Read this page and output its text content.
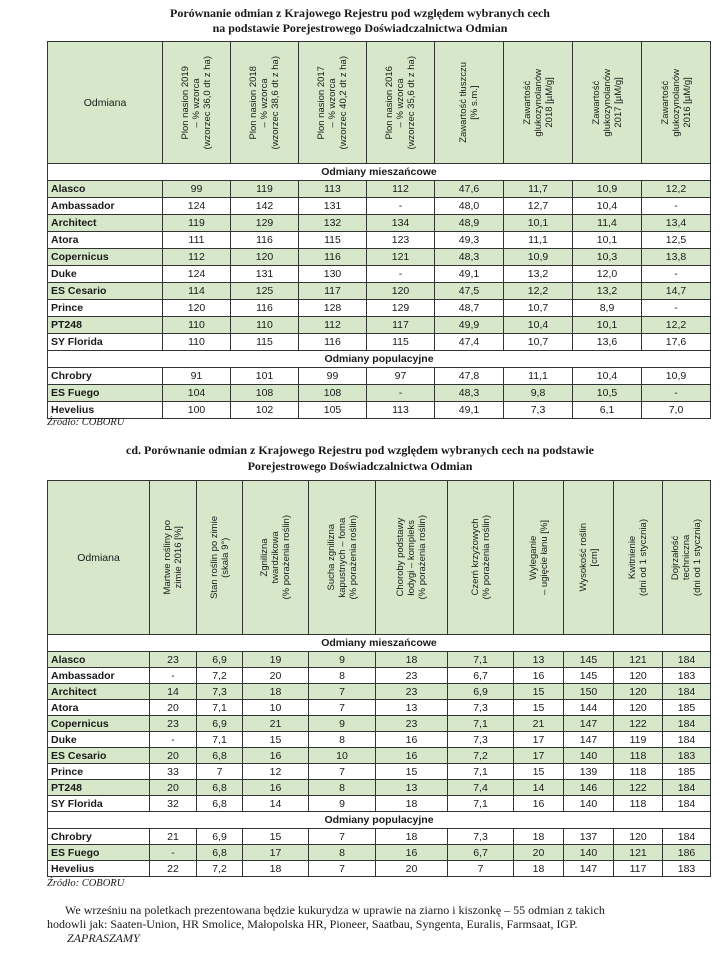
Porównanie odmian z Krajowego Rejestru pod względem wybranych cech
na podstawie Porejestrowego Doświadczalnictwa Odmian
Odmiana	Plon nasion 2019
– % wzorca
(wzorzec 36,0 dt z ha)	Plon nasion 2018
– % wzorca
(wzorzec 38,6 dt z ha)	Plon nasion 2017
– % wzorca
(wzorzec 40,2 dt z ha)	Plon nasion 2016
– % wzorca
(wzorzec 35,6 dt z ha)	Zawartość tłuszczu
[% s.m.]	Zawartość
glukozynolanów
2018 [µM/g]	Zawartość
glukozynolanów
2017 [µM/g]	Zawartość
glukozynolanów
2016 [µM/g]

Odmiany mieszańcowe								
Alasco	99	119	113	112	47,6	11,7	10,9	12,2
Ambassador	124	142	131	-	48,0	12,7	10,4	-
Architect	119	129	132	134	48,9	10,1	11,4	13,4
Atora	111	116	115	123	49,3	11,1	10,1	12,5
Copernicus	112	120	116	121	48,3	10,9	10,3	13,8
Duke	124	131	130	-	49,1	13,2	12,0	-
ES Cesario	114	125	117	120	47,5	12,2	13,2	14,7
Prince	120	116	128	129	48,7	10,7	8,9	-
PT248	110	110	112	117	49,9	10,4	10,1	12,2
SY Florida	110	115	116	115	47,4	10,7	13,6	17,6
Odmiany populacyjne								
Chrobry	91	101	99	97	47,8	11,1	10,4	10,9
ES Fuego	104	108	108	-	48,3	9,8	10,5	-
Hevelius	100	102	105	113	49,1	7,3	6,1	7,0
Źródło: COBORU
cd. Porównanie odmian z Krajowego Rejestru pod względem wybranych cech na podstawie
Porejestrowego Doświadczalnictwa Odmian
Odmiana	Martwe rośliny po
zimie 2016 [%]	Stan roślin po zimie
(skala 9°)	Zgnilizna
twardzikowa
(% porażenia roślin)	Sucha zgnilizna
kapustnych – foma
(% porażenia roślin)	Choroby podstawy
łodygi – kompleks
(% porażenia roślin)	Czerń krzyżowych
(% porażenia roślin)	Wyleganie
– ugięcie łanu [%]	Wysokość roślin
[cm]	Kwitnienie
(dni od 1 stycznia)	Dojrzałość
techniczna
(dni od 1 stycznia)

Odmiany mieszańcowe										
Alasco	23	6,9	19	9	18	7,1	13	145	121	184
Ambassador	-	7,2	20	8	23	6,7	16	145	120	183
Architect	14	7,3	18	7	23	6,9	15	150	120	184
Atora	20	7,1	10	7	13	7,3	15	144	120	185
Copernicus	23	6,9	21	9	23	7,1	21	147	122	184
Duke	-	7,1	15	8	16	7,3	17	147	119	184
ES Cesario	20	6,8	16	10	16	7,2	17	140	118	183
Prince	33	7	12	7	15	7,1	15	139	118	185
PT248	20	6,8	16	8	13	7,4	14	146	122	184
SY Florida	32	6,8	14	9	18	7,1	16	140	118	184
Odmiany populacyjne										
Chrobry	21	6,9	15	7	18	7,3	18	137	120	184
ES Fuego	-	6,8	17	8	16	6,7	20	140	121	186
Hevelius	22	7,2	18	7	20	7	18	147	117	183
Źródło: COBORU

We wrześniu na poletkach prezentowana będzie kukurydza w uprawie na ziarno i kiszonkę – 55 odmian z takich

hodowli jak: Saaten-Union, HR Smolice, Małopolska HR, Pioneer, Saatbau, Syngenta, Euralis, Farmsaat, IGP.

ZAPRASZAMY
